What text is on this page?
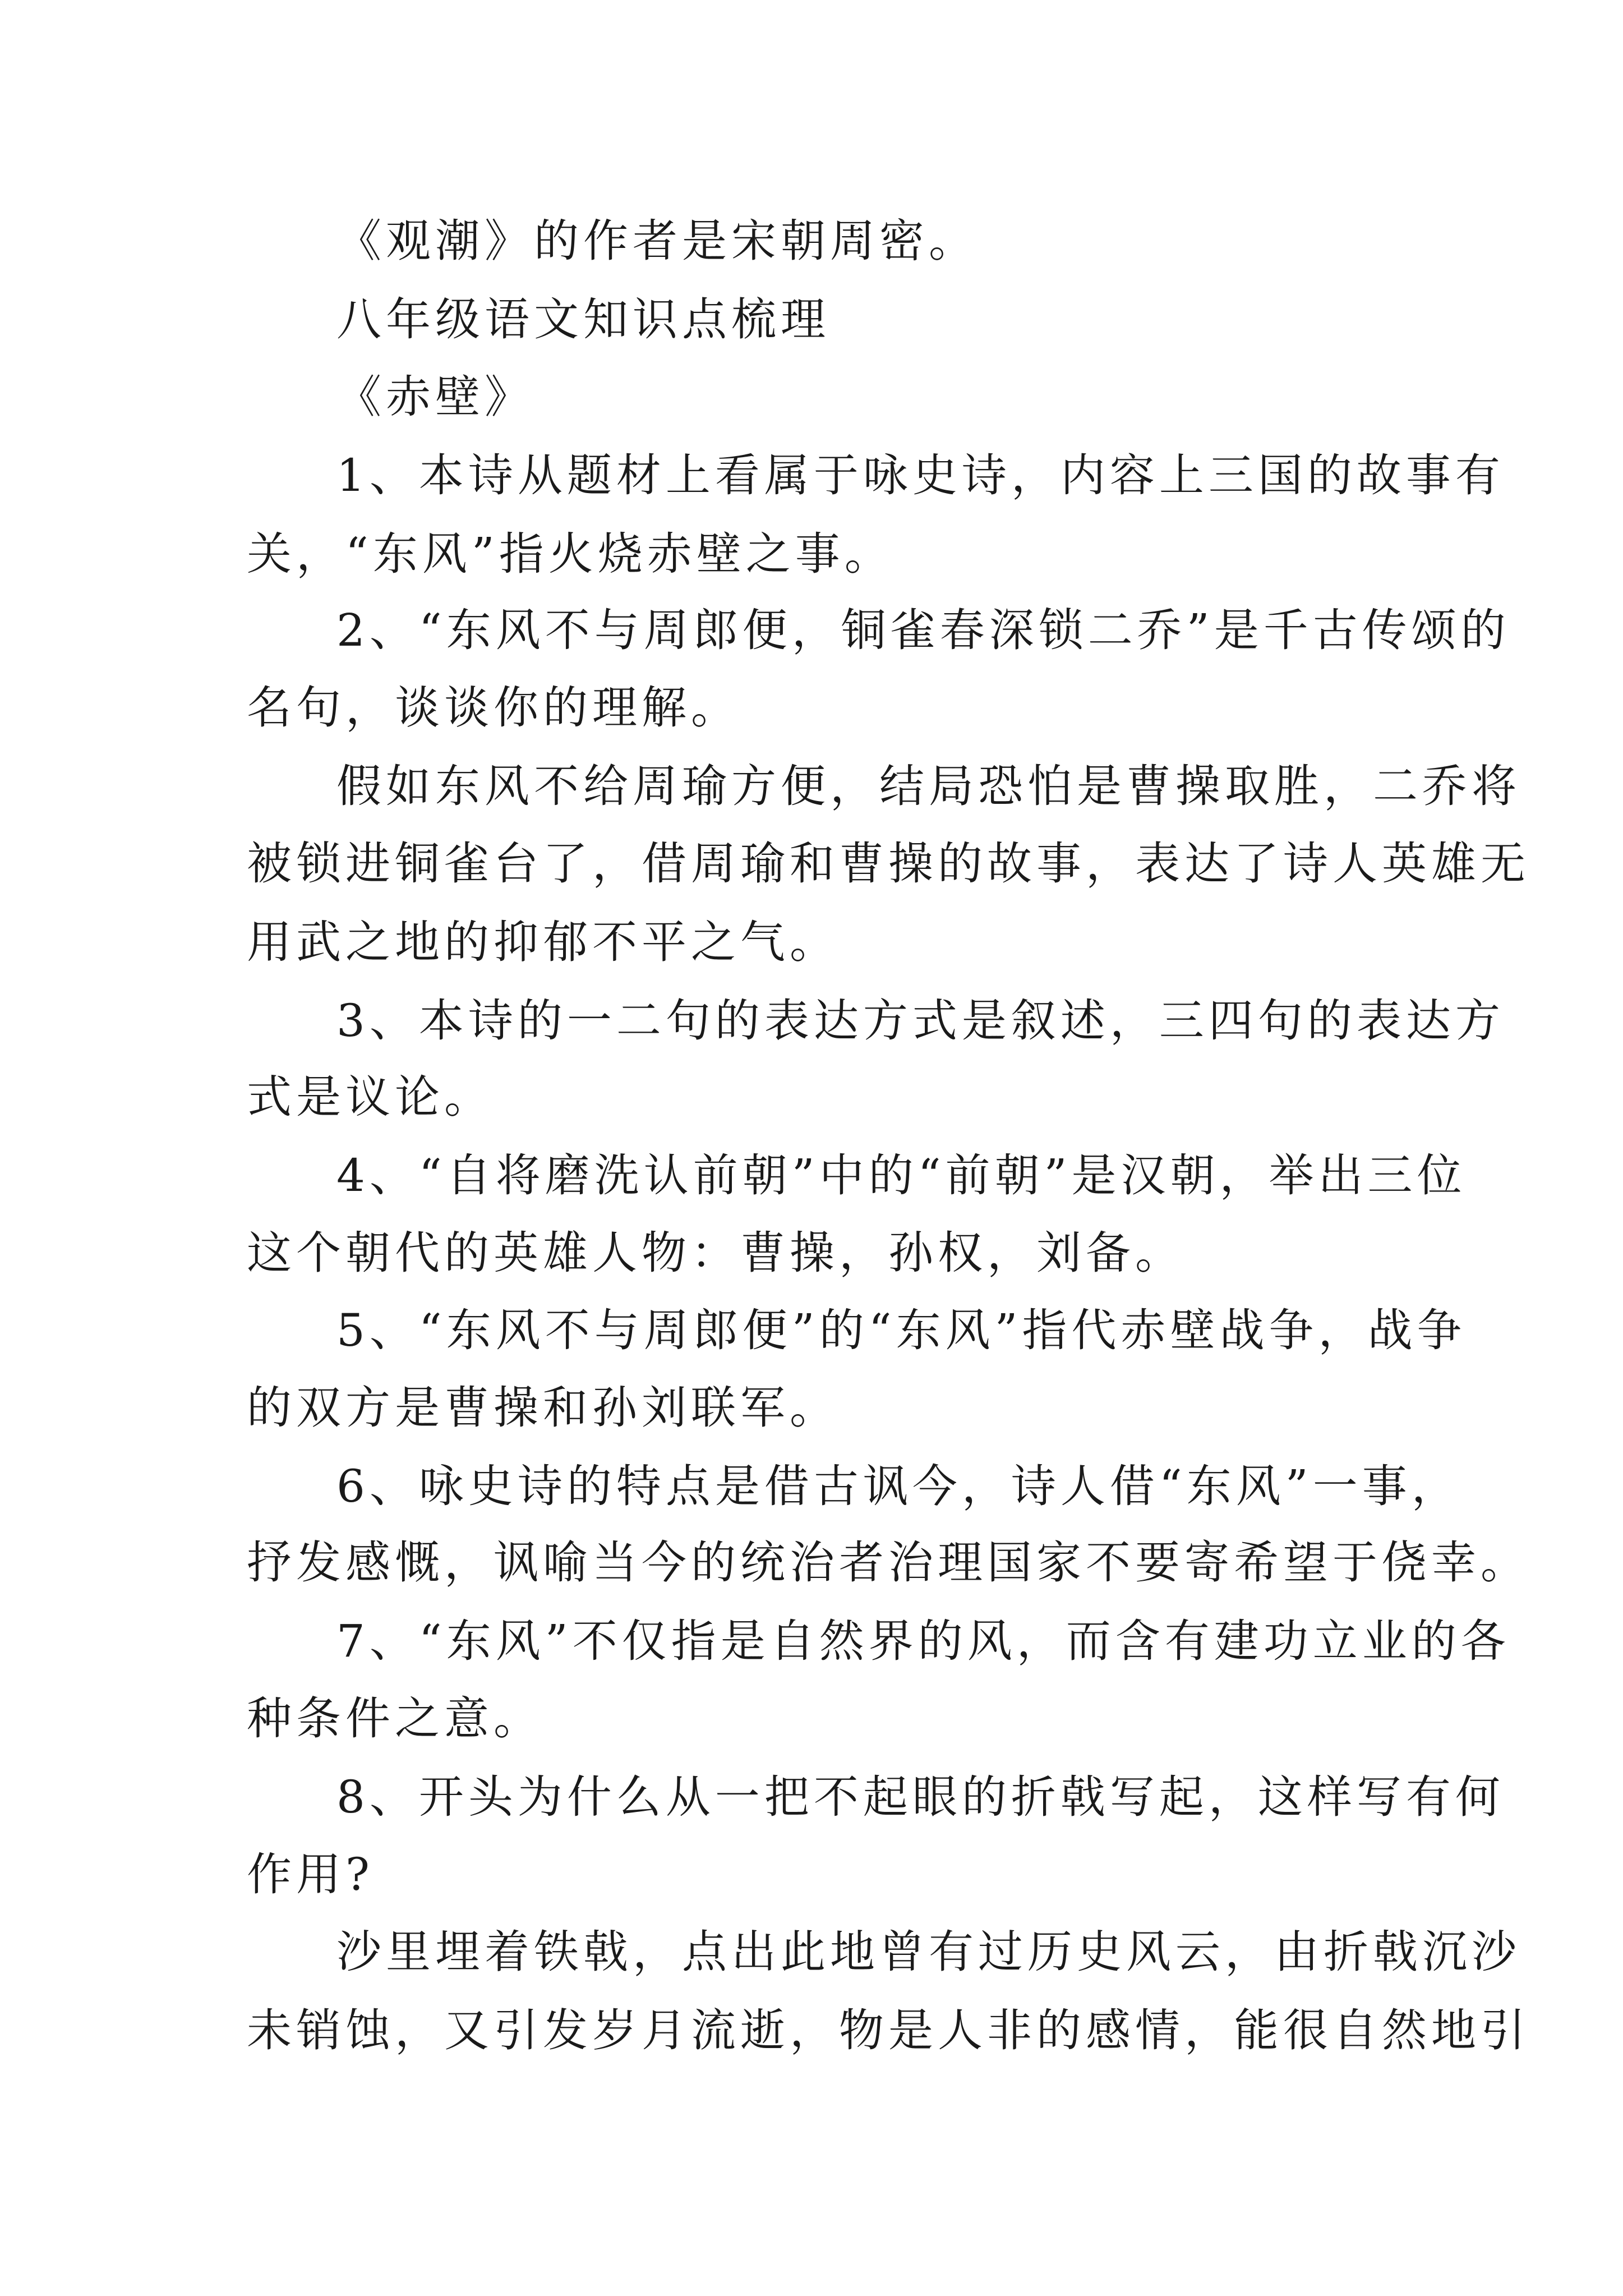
《观潮》的作者是宋朝周密。
八年级语文知识点梳理
《赤壁》
1、本诗从题材上看属于咏史诗，内容上三国的故事有
关，“东风”指火烧赤壁之事。
2、“东风不与周郎便，铜雀春深锁二乔”是千古传颂的
名句，谈谈你的理解。
假如东风不给周瑜方便，结局恐怕是曹操取胜，二乔将
被锁进铜雀台了，借周瑜和曹操的故事，表达了诗人英雄无
用武之地的抑郁不平之气。
3、本诗的一二句的表达方式是叙述，三四句的表达方
式是议论。
4、“自将磨洗认前朝”中的“前朝”是汉朝，举出三位
这个朝代的英雄人物：曹操，孙权，刘备。
5、“东风不与周郎便”的“东风”指代赤壁战争，战争
的双方是曹操和孙刘联军。
6、咏史诗的特点是借古讽今，诗人借“东风”一事，
抒发感慨，讽喻当今的统治者治理国家不要寄希望于侥幸。
7、“东风”不仅指是自然界的风，而含有建功立业的各
种条件之意。
8、开头为什么从一把不起眼的折戟写起，这样写有何
作用?
沙里埋着铁戟，点出此地曾有过历史风云，由折戟沉沙
未销蚀，又引发岁月流逝，物是人非的感情，能很自然地引
